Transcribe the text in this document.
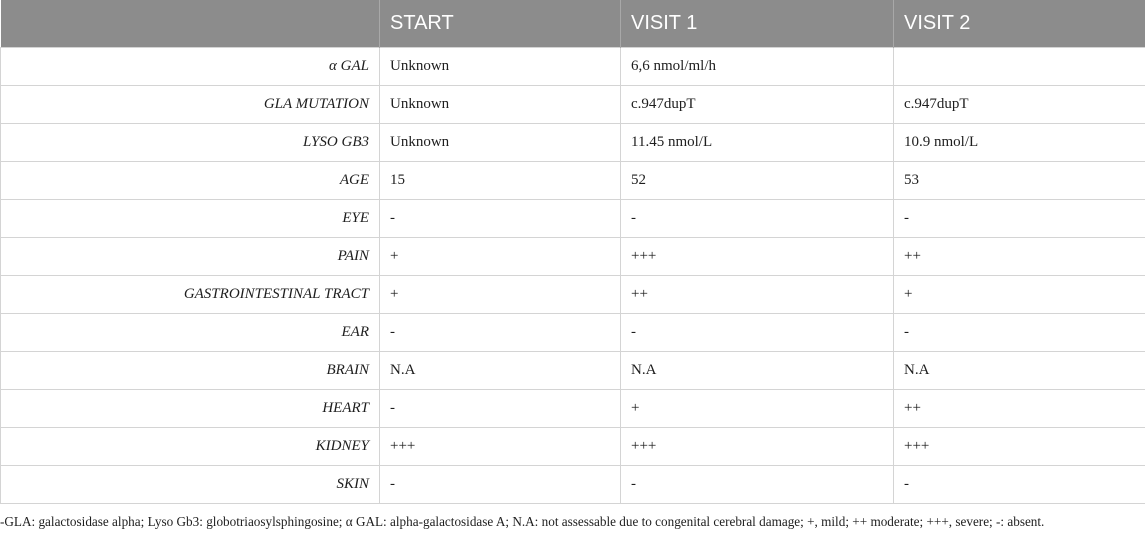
	START	VISIT 1	VISIT 2
α GAL	Unknown	6,6 nmol/ml/h	
GLA MUTATION	Unknown	c.947dupT	c.947dupT
LYSO GB3	Unknown	11.45 nmol/L	10.9 nmol/L
AGE	15	52	53
EYE	-	-	-
PAIN	+	+++	++
GASTROINTESTINAL TRACT	+	++	+
EAR	-	-	-
BRAIN	N.A	N.A	N.A
HEART	-	+	++
KIDNEY	+++	+++	+++
SKIN	-	-	-
-GLA: galactosidase alpha; Lyso Gb3: globotriaosylsphingosine; α GAL: alpha-galactosidase A; N.A: not assessable due to congenital cerebral damage; +, mild; ++ moderate; +++, severe; -: absent.
